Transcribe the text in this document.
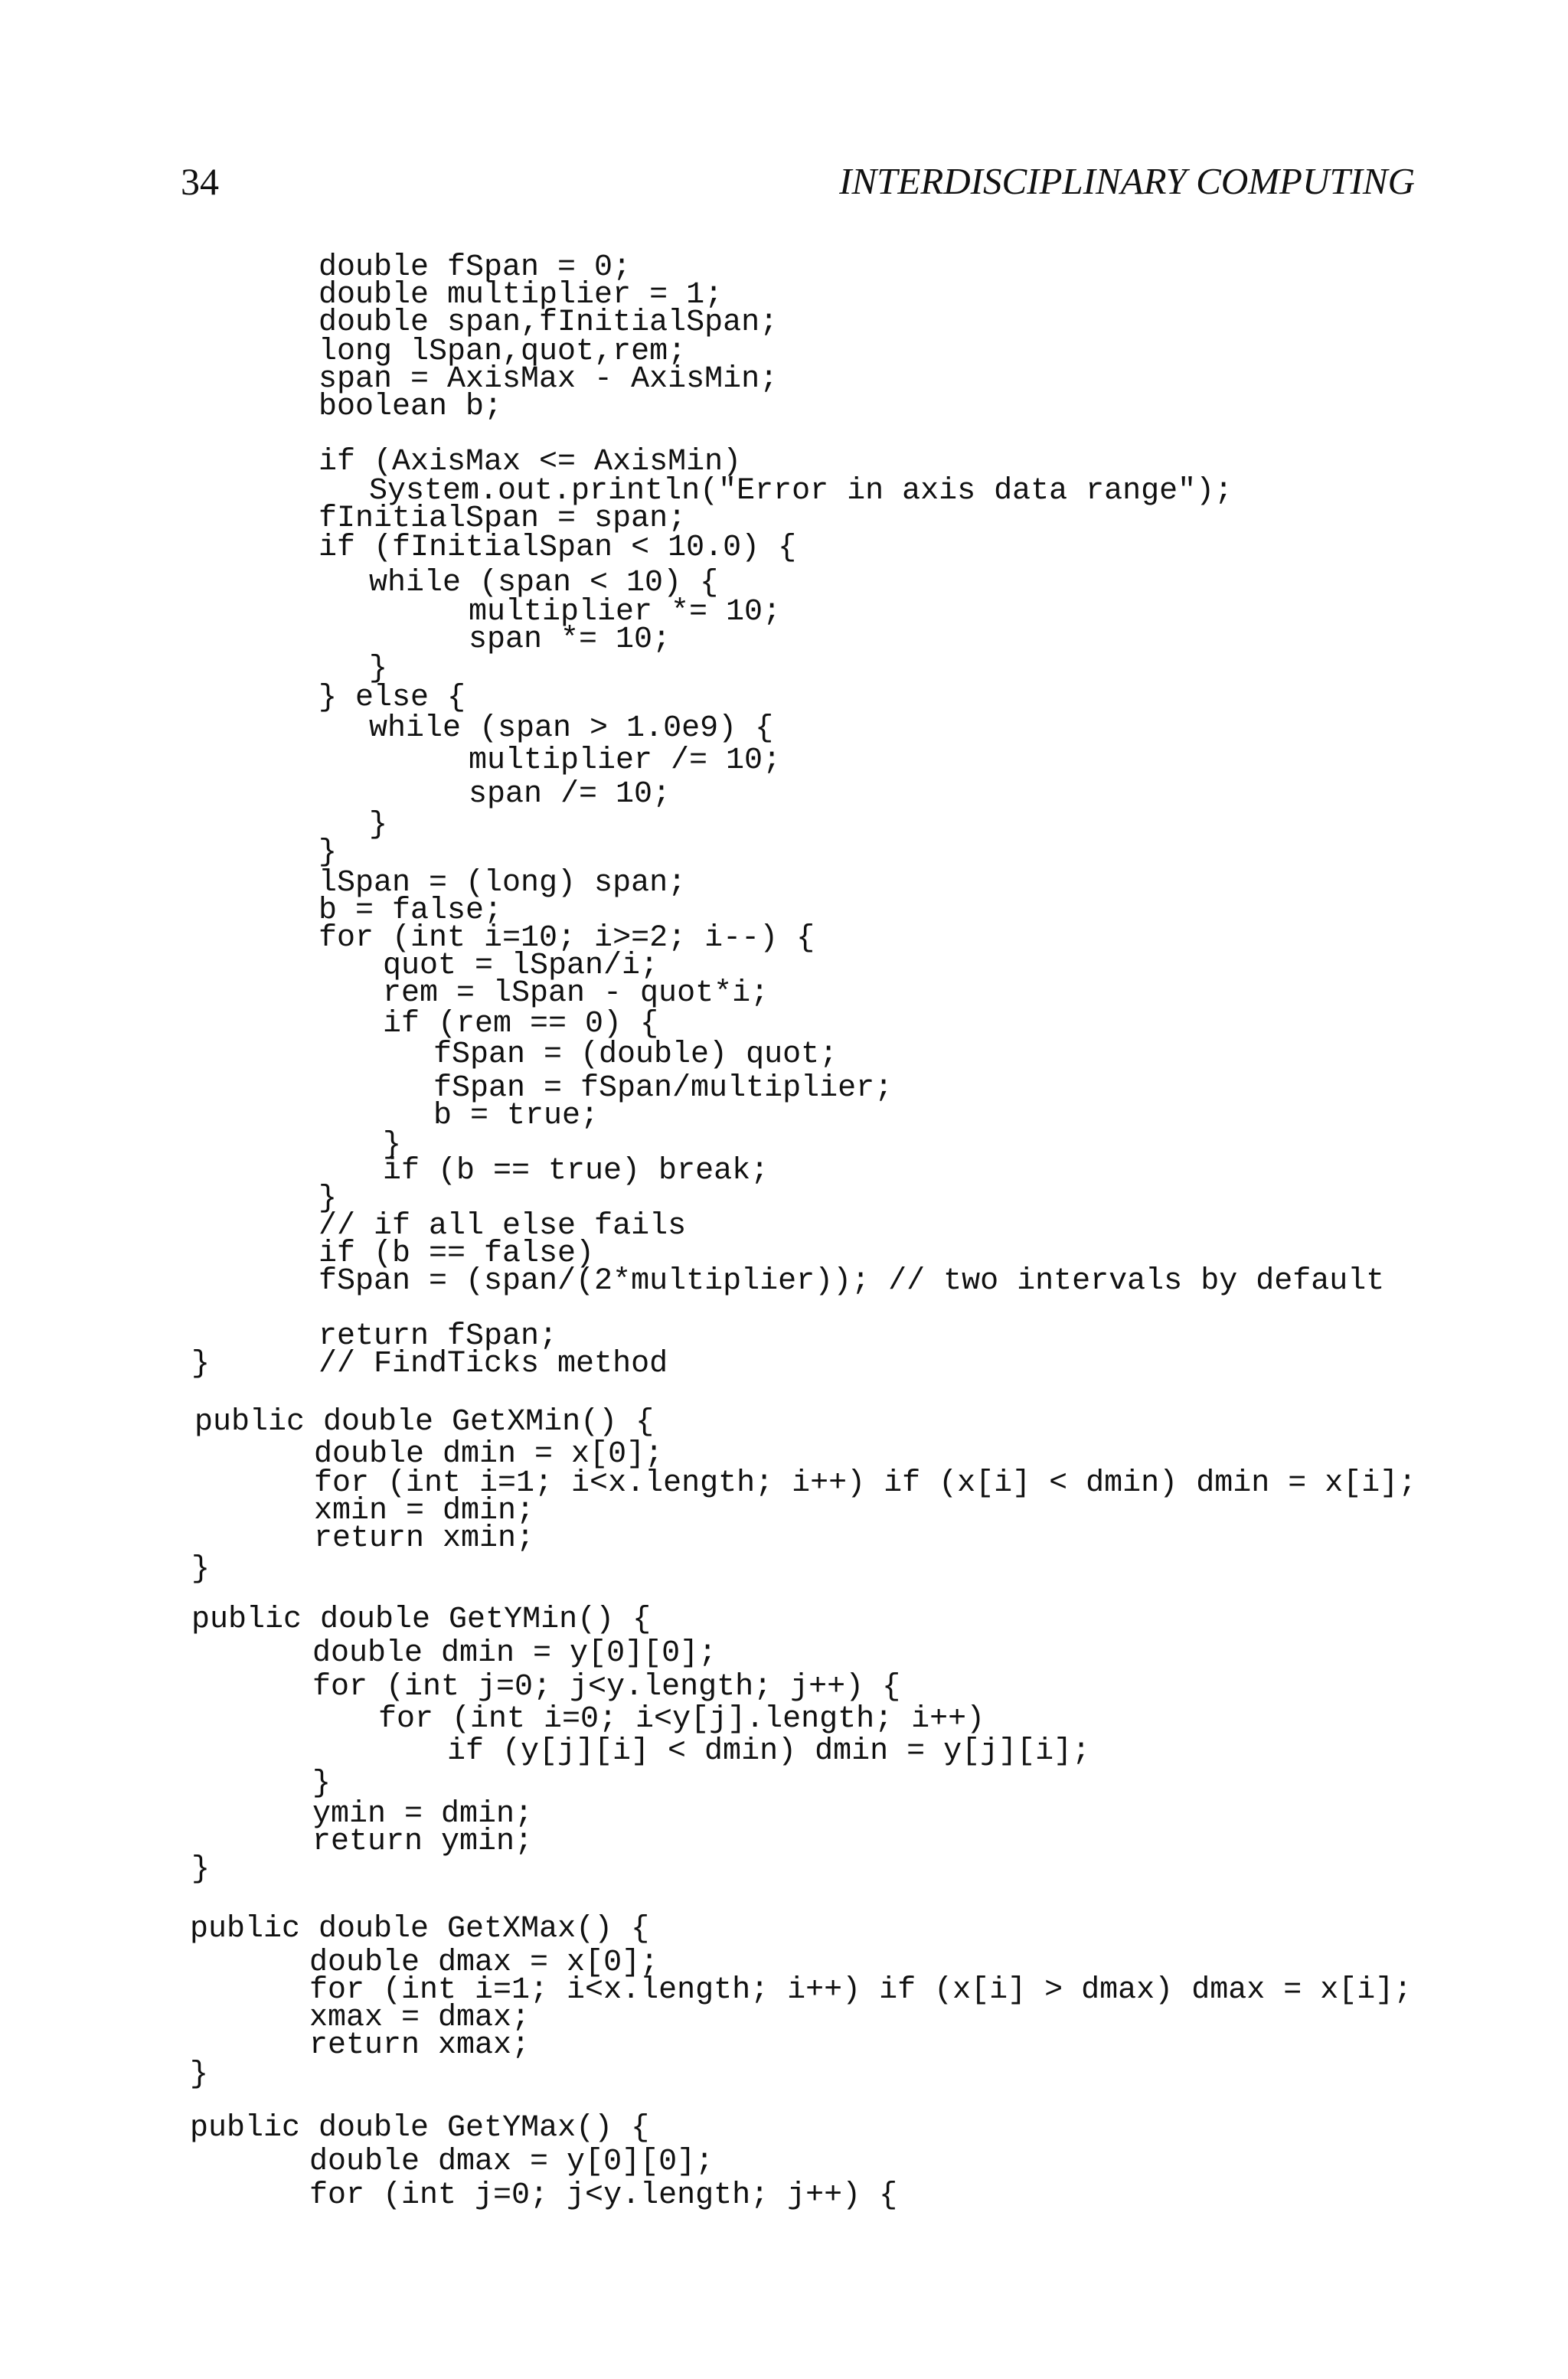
34	INTERDISCIPLINARY COMPUTING
double fSpan = 0;
double multiplier = 1;
double span,fInitialSpan;
long lSpan,quot,rem;
span = AxisMax - AxisMin;
boolean b;
if (AxisMax <= AxisMin)
System.out.println("Error in axis data range");
fInitialSpan = span;
if (fInitialSpan < 10.0) {
while (span < 10) {
multiplier *= 10;
span *= 10;
}
} else {
while (span > 1.0e9) {
multiplier /= 10;
span /= 10;
}
}
lSpan = (long) span;
b = false;
for (int i=10; i>=2; i--) {
quot = lSpan/i;
rem = lSpan - quot*i;
if (rem == 0) {
fSpan = (double) quot;
fSpan = fSpan/multiplier;
b = true;
}
if (b == true) break;
}
// if all else fails
if (b == false)
fSpan = (span/(2*multiplier)); // two intervals by default
return fSpan;
}	// FindTicks method
public double GetXMin() {
double dmin = x[0];
for (int i=1; i<x.length; i++) if (x[i] < dmin) dmin = x[i];
xmin = dmin;
return xmin;
}
public double GetYMin() {
double dmin = y[0][0];
for (int j=0; j<y.length; j++) {
for (int i=0; i<y[j].length; i++)
if (y[j][i] < dmin) dmin = y[j][i];
}
ymin = dmin;
return ymin;
}
public double GetXMax() {
double dmax = x[0];
for (int i=1; i<x.length; i++) if (x[i] > dmax) dmax = x[i];
xmax = dmax;
return xmax;
}
public double GetYMax() {
double dmax = y[0][0];
for (int j=0; j<y.length; j++) {
